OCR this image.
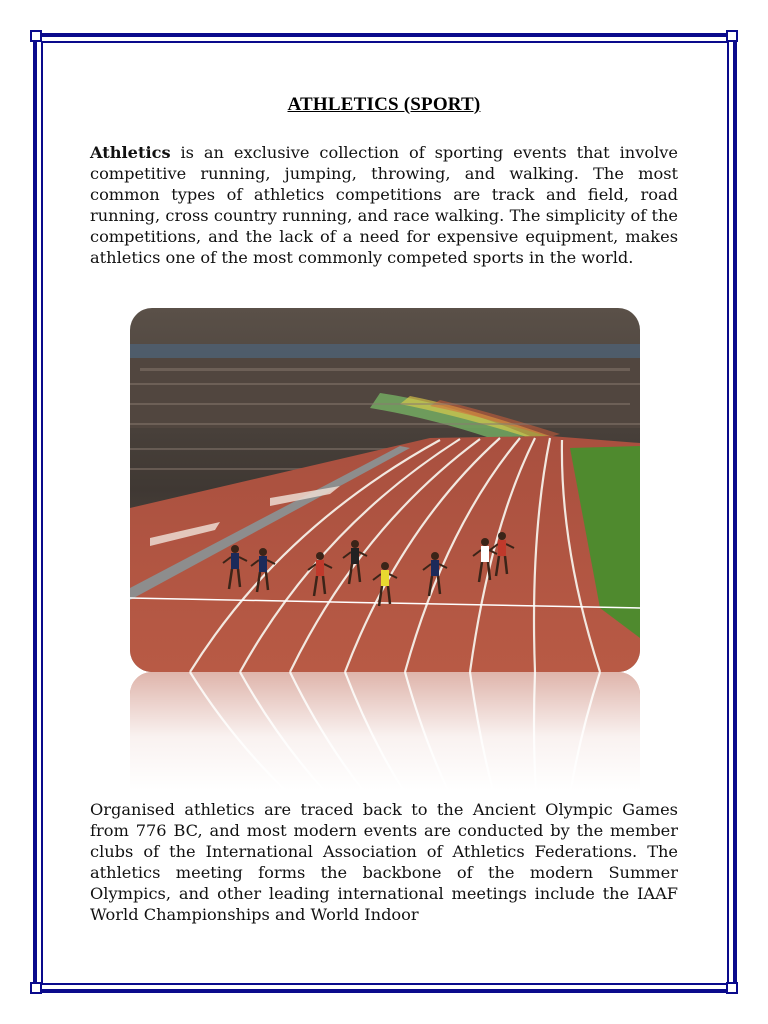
ATHLETICS (SPORT)

Athletics is an exclusive collection of sporting events that involve competitive running, jumping, throwing, and walking. The most common types of athletics competitions are track and field, road running, cross country running, and race walking. The simplicity of the competitions, and the lack of a need for expensive equipment, makes athletics one of the most commonly competed sports in the world.

Organised athletics are traced back to the Ancient Olympic Games from 776 BC, and most modern events are conducted by the member clubs of the International Association of Athletics Federations. The athletics meeting forms the backbone of the modern Summer Olympics, and other leading international meetings include the IAAF World Championships and World Indoor
